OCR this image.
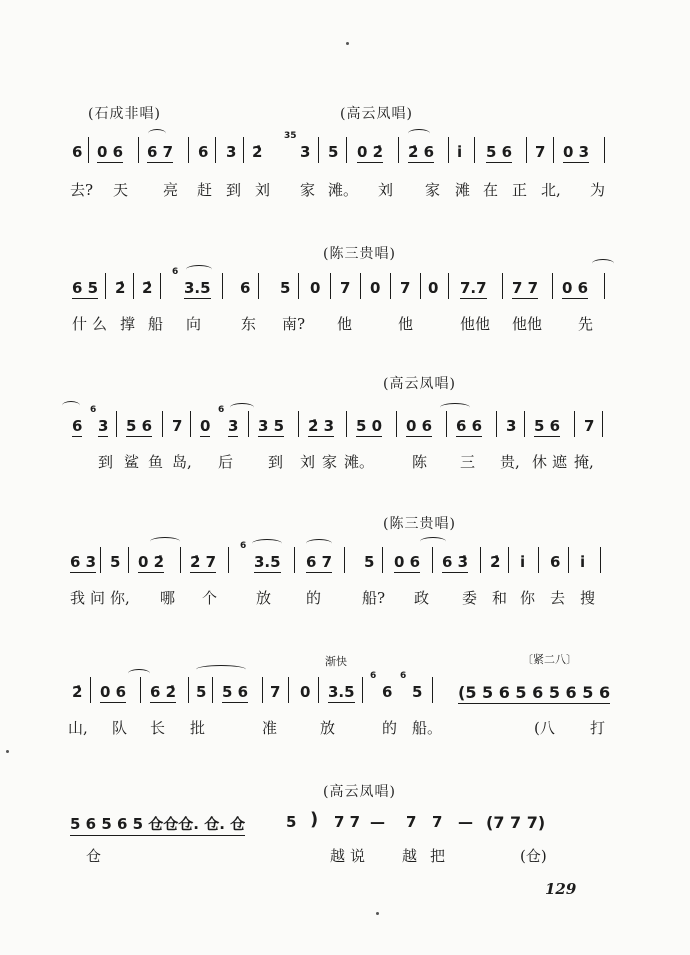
(石成非唱)	(高云凤唱)
6 0 6 6 7 6 3 2̇
35
3 5 0 2̇ 2̇ 6 i̇ 5 6 7 0 3
去? 天 亮 赶 到 刘 家 滩。 刘 家 滩 在 正 北, 为
(陈三贵唱)
6 5 2̇ 2̇
6
3.5 6 5 0 7 0 7 0 7.7 7 7 0 6
什 么 撑 船 向	东 南? 他	他	他他 他他 先
(高云凤唱)
6
6
3 5 6 7 0
6
3 3 5 2̇ 3 5 0 0 6 6 6 3 5 6 7
到 鲨 鱼 岛, 后 到 刘 家 滩。	陈 三 贵, 休 遮 掩,
(陈三贵唱)
6 3 5 0 2̇ 2̇ 7
6
3.5 6 7 5 0 6 6 3̇ 2̇ i̇ 6 i̇
我 问 你, 哪 个	放 的	船? 政 委 和 你 去 搜
渐快	〔紧二八〕
2̇ 0 6 6 2̇ 5 5 6 7 0 3.5
6
6
6
5 (5 5 6 5 6 5 6 5 6
山, 队 长 批	准	放	的 船。	(八 打
(高云凤唱)
5 6 5 6 5 仓仓仓. 仓. 仓	5 ) 7 7 — 7 7 — (7 7 7)
仓	越 说 越 把	(仓)
129
